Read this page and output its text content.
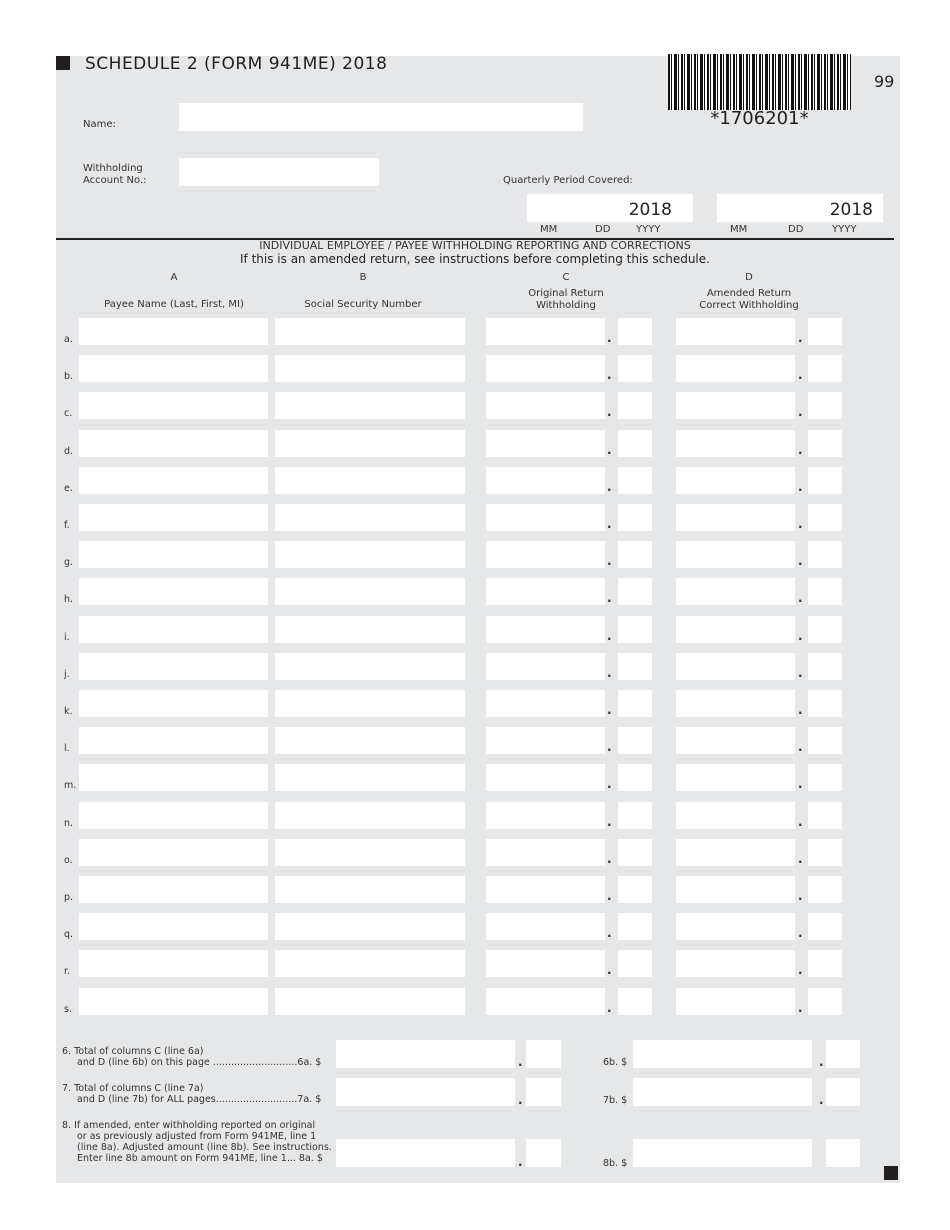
SCHEDULE 2 (FORM 941ME) 2018
*1706201*
99
Name:
Withholding
Account No.:	Quarterly Period Covered:
2018	2018
MM	DD	YYYY	MM	DD	YYYY
INDIVIDUAL EMPLOYEE / PAYEE WITHHOLDING REPORTING AND CORRECTIONS
If this is an amended return, see instructions before completing this schedule.
A
Payee Name (Last, First, MI)
B
Social Security Number
C
Original Return
Withholding
D
Amended Return
Correct Withholding
a.	.	.
b.	.	.
c.	.	.
d.	.	.
e.	.	.
f.	.	.
g.	.	.
h.	.	.
i.	.	.
j.	.	.
k.	.	.
l.	.	.
m.	.	.
n.	.	.
o.	.	.
p.	.	.
q.	.	.
r.	.	.
s.	.	.
6. Total of columns C (line 6a)
and D (line 6b) on this page ............................6a. $	.	6b. $	.
7. Total of columns C (line 7a)
and D (line 7b) for ALL pages...........................7a. $	.	7b. $	.
8. If amended, enter withholding reported on original
or as previously adjusted from Form 941ME, line 1
(line 8a). Adjusted amount (line 8b). See instructions.
Enter line 8b amount on Form 941ME, line 1... 8a. $	.	8b. $
